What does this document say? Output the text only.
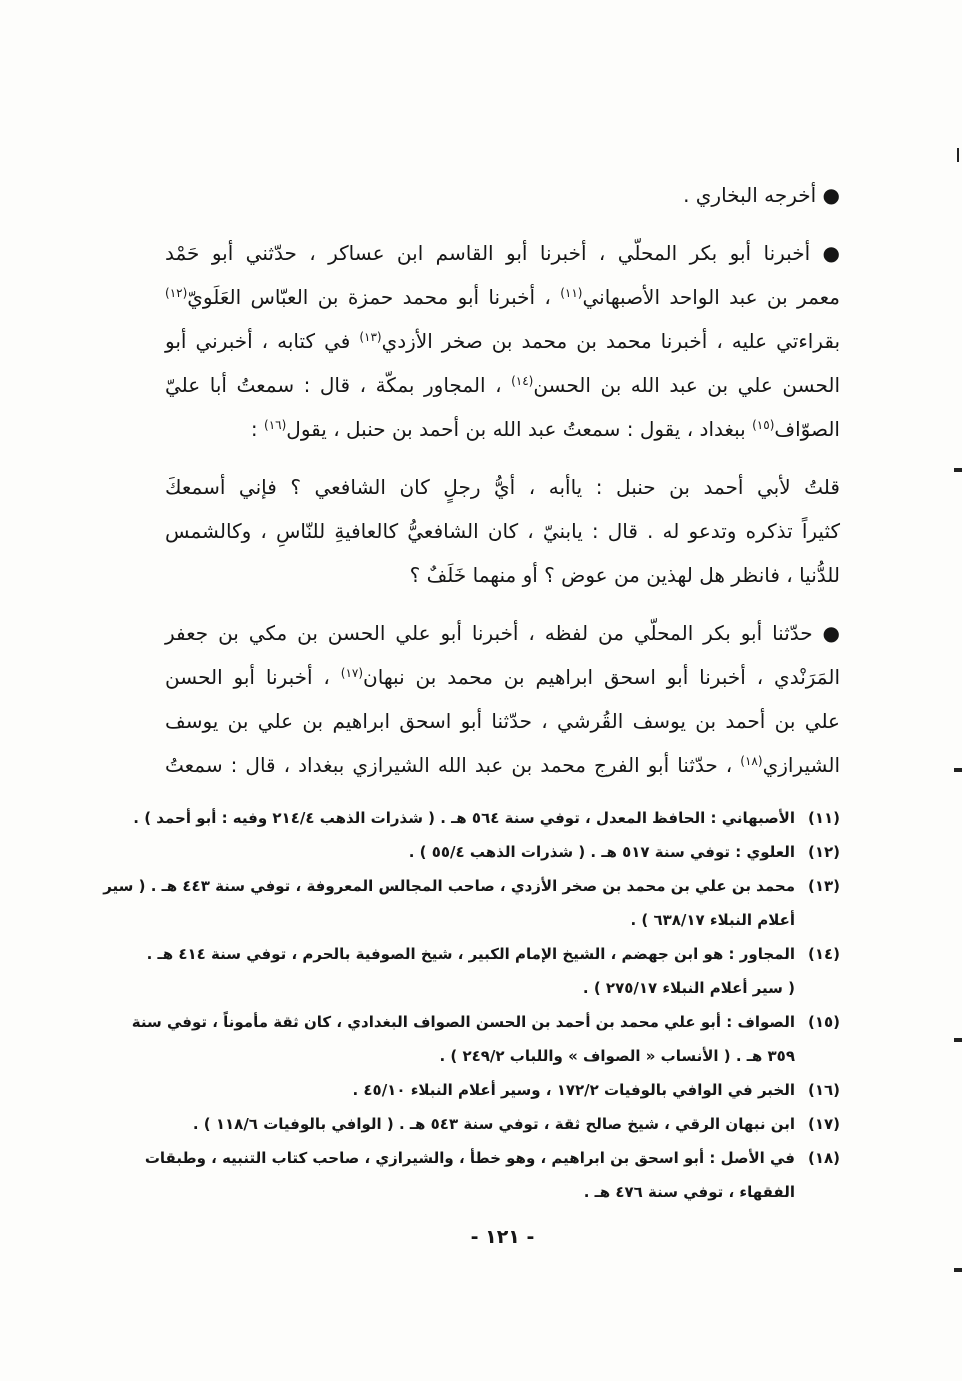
● أخرجه البخاري .
● أخبرنا أبو بكر المحلّي ، أخبرنا أبو القاسم ابن عساكر ، حدّثني أبو حَمْد
معمر بن عبد الواحد الأصبهاني$^{(١١)}$ ، أخبرنا أبو محمد حمزة بن العبّاس العَلَويّ$^{(١٢)}$
بقراءتي عليه ، أخبرنا محمد بن محمد بن صخر الأزدي$^{(١٣)}$ في كتابه ، أخبرني أبو
الحسن علي بن عبد الله بن الحسن$^{(١٤)}$ ، المجاور بمكّة ، قال : سمعتُ أبا عليّ
الصوّاف$^{(١٥)}$ ببغداد ، يقول : سمعتُ عبد الله بن أحمد بن حنبل ، يقول$^{(١٦)}$ :
قلتُ لأبي أحمد بن حنبل : ياأبه ، أيُّ رجلٍ كان الشافعي ؟ فإني أسمعكَ
كثيراً تذكره وتدعو له . قال : يابنيّ ، كان الشافعيُّ كالعافيةِ للنّاسِ ، وكالشمس
للدُّنيا ، فانظر هل لهذين من عوض ؟ أو منهما خَلَفٌ ؟
● حدّثنا أبو بكر المحلّي من لفظه ، أخبرنا أبو علي الحسن بن مكي بن جعفر
المَرَنْدي ، أخبرنا أبو اسحق ابراهيم بن محمد بن نبهان$^{(١٧)}$ ، أخبرنا أبو الحسن
علي بن أحمد بن يوسف القُرشي ، حدّثنا أبو اسحق ابراهيم بن علي بن يوسف
الشيرازي$^{(١٨)}$ ، حدّثنا أبو الفرج محمد بن عبد الله الشيرازي ببغداد ، قال : سمعتُ
(١١)
الأصبهاني : الحافظ المعدل ، توفي سنة ٥٦٤ هـ . ( شذرات الذهب ٢١٤/٤ وفيه : أبو أحمد ) .
(١٢)
العلوي : توفي سنة ٥١٧ هـ . ( شذرات الذهب ٥٥/٤ ) .
(١٣)
محمد بن علي بن محمد بن صخر الأزدي ، صاحب المجالس المعروفة ، توفي سنة ٤٤٣ هـ . ( سير
أعلام النبلاء ٦٣٨/١٧ ) .
(١٤)
المجاور : هو ابن جهضم ، الشيخ الإمام الكبير ، شيخ الصوفية بالحرم ، توفي سنة ٤١٤ هـ .
( سير أعلام النبلاء ٢٧٥/١٧ ) .
(١٥)
الصواف : أبو علي محمد بن أحمد بن الحسن الصواف البغدادي ، كان ثقة مأموناً ، توفي سنة
٣٥٩ هـ . ( الأنساب « الصواف » واللباب ٢٤٩/٢ ) .
(١٦)
الخبر في الوافي بالوفيات ١٧٢/٢ ، وسير أعلام النبلاء ٤٥/١٠ .
(١٧)
ابن نبهان الرقي ، شيخ صالح ثقة ، توفي سنة ٥٤٣ هـ . ( الوافي بالوفيات ١١٨/٦ ) .
(١٨)
في الأصل : أبو اسحق بن ابراهيم ، وهو خطأ ، والشيرازي ، صاحب كتاب التنبيه ، وطبقات
الفقهاء ، توفي سنة ٤٧٦ هـ .
- ١٢١ -
